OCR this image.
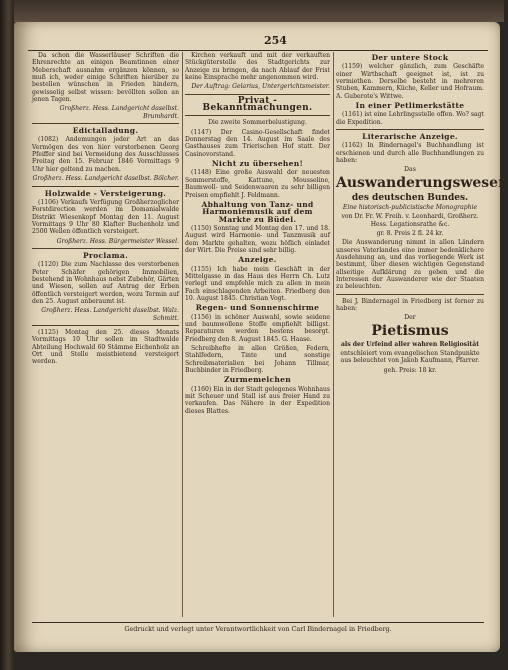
254

Da schon die Wasserläuser Schriften die Ehrenrechte an einigen Beamtinnen einer Meberschaft ausnahm ergänzen können, so muß ich, weder einige Schriften hierüber zu bestellen wünschen in Frieden hindern, gewisselig selbst wissen: bevöllten sollen an jenen Tagen.

Großherz. Hess. Landgericht daselbst. Brumhardt.

Edictalladung.

(1082) Andemungen jeder Art an das Vermögen des von hier verstorbenen Georg Pfeiffer sind bei Vermeidung des Ausschlusses Freitag den 15. Februar 1846 Vormittags 9 Uhr hier geltend zu machen.

Großherz. Hess. Landgericht daselbst. Bölcher.

Holzwalde - Versteigerung.

(1106) Verkaufs Verfügung Großherzoglicher Forstdirection werden im Domanialwalde Distrikt Wiesenkopf Montag den 11. August Vormittags 9 Uhr 80 Klafter Buchenholz und 2500 Wellen öffentlich versteigert.

Großherz. Hess. Bürgermeister Wessel.

Proclama.

(1120) Die zum Nachlasse des verstorbenen Peter Schäfer gehörigen Immobilien, bestehend in Wohnhaus nebst Zubehör, Gärten und Wiesen, sollen auf Antrag der Erben öffentlich versteigert werden, wozu Termin auf den 25. August anberaumt ist.

Großherz. Hess. Landgericht daselbst. Walz. Schmitt.

(1125) Montag den 25. dieses Monats Vormittags 10 Uhr sollen im Stadtwalde Abteilung Hochwald 60 Stämme Eichenholz an Ort und Stelle meistbietend versteigert werden.

Kirchen verkauft und mit der verkauften Stückgüterstelle des Stadtgerichts zur Anzeige zu bringen, da nach Ablauf der Frist keine Einsprache mehr angenommen wird.

Der Auftrag: Gelarius, Untergerichtsmeister.

Privat - Bekanntmachungen.

Die zweite Sommerbelustigung.

(1147) Der Casino-Gesellschaft findet Donnerstag den 14. August im Saale des Gasthauses zum Trierischen Hof statt. Der Casinovorstand.

Nicht zu übersehen!

(1148) Eine große Auswahl der neuesten Sommerstoffe, Kattune, Mousseline, Baumwoll- und Seidenwaaren zu sehr billigen Preisen empfiehlt J. Feldmann.

Abhaltung von Tanz- und Harmoniemusik auf dem Markte zu Büdel.

(1150) Sonntag und Montag den 17. und 18. August wird Harmonie- und Tanzmusik auf dem Markte gehalten, wozu höflich einladet der Wirt. Die Preise sind sehr billig.

Anzeige.

(1155) Ich habe mein Geschäft in der Mittelgasse in das Haus des Herrn Ch. Lutz verlegt und empfehle mich zu allen in mein Fach einschlagenden Arbeiten. Friedberg den 10. August 1845. Christian Vogt.

Regen- und Sonnenschirme

(1156) in schöner Auswahl, sowie seidene und baumwollene Stoffe empfiehlt billigst. Reparaturen werden bestens besorgt. Friedberg den 8. August 1845. G. Haase.

Schreibhefte in allen Größen, Federn, Stahlfedern, Tinte und sonstige Schreibmaterialien bei Johann Tillmar, Buchbinder in Friedberg.

Zurmemelchen

(1160) Ein in der Stadt gelegenes Wohnhaus mit Scheuer und Stall ist aus freier Hand zu verkaufen. Das Nähere in der Expedition dieses Blattes.

Der untere Stock

(1159) welcher gänzlich, zum Geschäfte einer Wirthschaft geeignet ist, ist zu vermiethen. Derselbe besteht in mehreren Stuben, Kammern, Küche, Keller und Hofraum. A. Guberote's Wittwe.

In einer Petlimerkstätte

(1161) ist eine Lehrlingsstelle offen. Wo? sagt die Expedition.

Literarische Anzeige.

(1162) In Bindernagel's Buchhandlung ist erschienen und durch alle Buchhandlungen zu haben:

Das

Auswanderungswesen

des deutschen Bundes.

Eine historisch-publicistische Monographie

von Dr. Fr. W. Freih. v. Leonhardi, Großherz. Hess. Legationsrathe &c.

gr. 8. Preis 2 fl. 24 kr.

Die Auswanderung nimmt in allen Ländern unseres Vaterlandes eine immer bedenklichere Ausdehnung an, und das vorliegende Werk ist bestimmt, über diesen wichtigen Gegenstand allseitige Aufklärung zu geben und die Interessen der Auswanderer wie der Staaten zu beleuchten.

Bei J. Bindernagel in Friedberg ist ferner zu haben:

Der

Pietismus

als der Urfeind aller wahren Religiosität

entschleiert vom evangelischen Standpunkte aus beleuchtet von Jakob Kaufmann, Pfarrer.

geh. Preis: 18 kr.

Gedruckt und verlegt unter Verantwortlichkeit von Carl Bindernagel in Friedberg.
